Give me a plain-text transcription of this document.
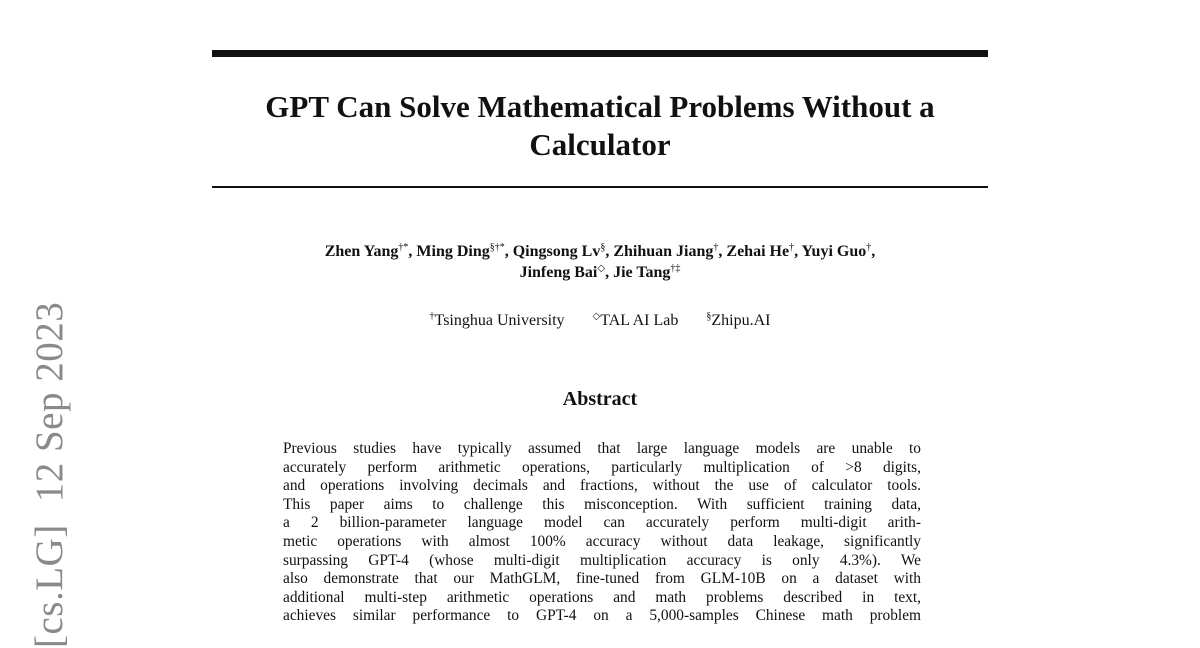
[cs.LG]12 Sep 2023
GPT Can Solve Mathematical Problems Without a
Calculator
Zhen Yang†*, Ming Ding§†*, Qingsong Lv§, Zhihuan Jiang†, Zehai He†, Yuyi Guo†,
Jinfeng Bai◇, Jie Tang†‡
†Tsinghua University	◇TAL AI Lab	§Zhipu.AI
Abstract
Previous studies have typically assumed that large language models are unable to
accurately perform arithmetic operations, particularly multiplication of >8 digits,
and operations involving decimals and fractions, without the use of calculator tools.
This paper aims to challenge this misconception. With sufficient training data,
a 2 billion-parameter language model can accurately perform multi-digit arith-
metic operations with almost 100% accuracy without data leakage, significantly
surpassing GPT-4 (whose multi-digit multiplication accuracy is only 4.3%). We
also demonstrate that our MathGLM, fine-tuned from GLM-10B on a dataset with
additional multi-step arithmetic operations and math problems described in text,
achieves similar performance to GPT-4 on a 5,000-samples Chinese math problem
